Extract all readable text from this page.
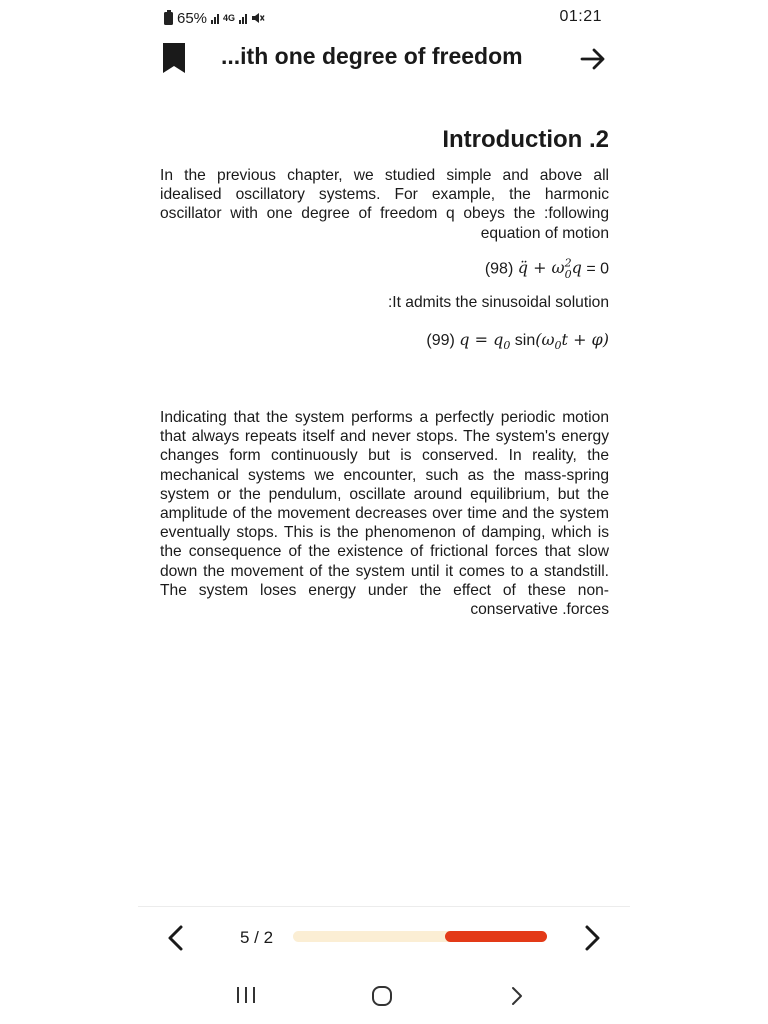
65% 4G	01:21
...ith one degree of freedom
Introduction .2
In the previous chapter, we studied simple and above all idealised oscillatory systems. For example, the harmonic oscillator with one degree of freedom q obeys the :following equation of motion
(98) q̈ + $\omega^2_0q = 0$
:It admits the sinusoidal solution
(99) $q = q_0$ $\sin(\omega_0t + \varphi)$
Indicating that the system performs a perfectly periodic motion that always repeats itself and never stops. The system's energy changes form continuously but is conserved. In reality, the mechanical systems we encounter, such as the mass-spring system or the pendulum, oscillate around equilibrium, but the amplitude of the movement decreases over time and the system eventually stops. This is the phenomenon of damping, which is the consequence of the existence of frictional forces that slow down the movement of the system until it comes to a standstill. The system loses energy under the effect of these non-conservative .forces
5 / 2
